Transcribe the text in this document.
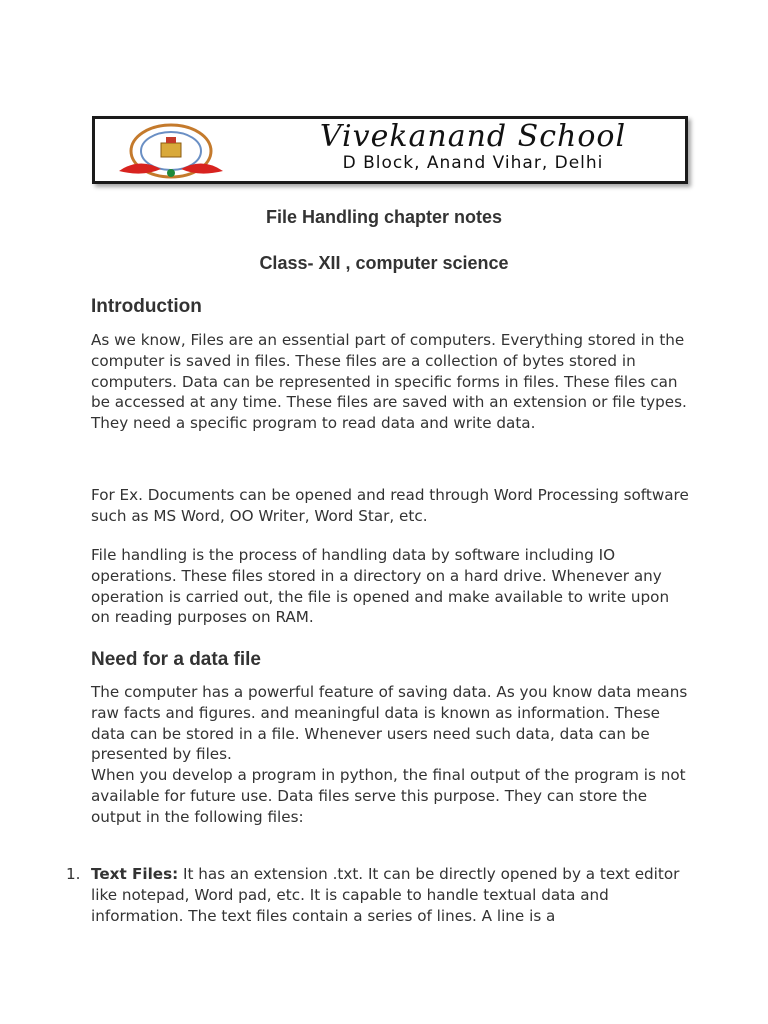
Vivekanand School
D Block, Anand Vihar, Delhi
File Handling chapter notes
Class- XII , computer science
Introduction

As we know, Files are an essential part of computers. Everything stored in the computer is saved in files. These files are a collection of bytes stored in computers. Data can be represented in specific forms in files. These files can be accessed at any time. These files are saved with an extension or file types. They need a specific program to read data and write data.

For Ex. Documents can be opened and read through Word Processing software such as MS Word, OO Writer, Word Star, etc.

File handling is the process of handling data by software including IO operations. These files stored in a directory on a hard drive. Whenever any operation is carried out, the file is opened and make available to write upon on reading purposes on RAM.

Need for a data file

The computer has a powerful feature of saving data. As you know data means raw facts and figures. and meaningful data is known as information. These data can be stored in a file. Whenever users need such data, data can be presented by files.

When you develop a program in python, the final output of the program is not available for future use. Data files serve this purpose. They can store the output in the following files:

1. Text Files: It has an extension .txt. It can be directly opened by a text editor like notepad, Word pad, etc. It is capable to handle textual data and information. The text files contain a series of lines. A line is a
